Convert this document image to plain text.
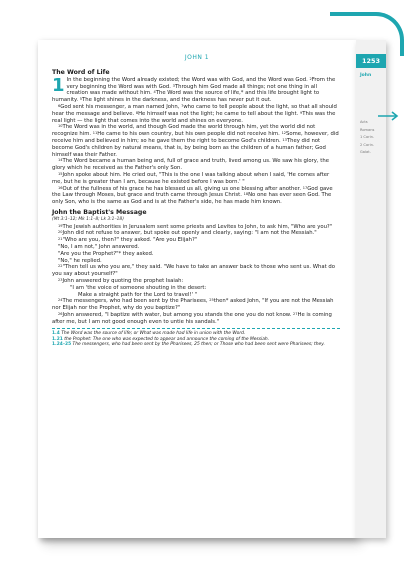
JOHN 1

The Word of Life

1 In the beginning the Word already existed; the Word was with God, and the Word was God. $^2$From the very beginning the Word was with God. $^3$Through him God made all things; not one thing in all creation was made without him. $^4$The Word was the source of life,* and this life brought light to humanity. $^5$The light shines in the darkness, and the darkness has never put it out.

$^6$God sent his messenger, a man named John, $^7$who came to tell people about the light, so that all should hear the message and believe. $^8$He himself was not the light; he came to tell about the light. $^9$This was the real light — the light that comes into the world and shines on everyone.

$^{10}$The Word was in the world, and though God made the world through him, yet the world did not recognize him. $^{11}$He came to his own country, but his own people did not receive him. $^{12}$Some, however, did receive him and believed in him; so he gave them the right to become God's children. $^{13}$They did not become God's children by natural means, that is, by being born as the children of a human father; God himself was their Father.

$^{14}$The Word became a human being and, full of grace and truth, lived among us. We saw his glory, the glory which he received as the Father's only Son.

$^{15}$John spoke about him. He cried out, "This is the one I was talking about when I said, 'He comes after me, but he is greater than I am, because he existed before I was born.' "

$^{16}$Out of the fullness of his grace he has blessed us all, giving us one blessing after another. $^{17}$God gave the Law through Moses, but grace and truth came through Jesus Christ. $^{18}$No one has ever seen God. The only Son, who is the same as God and is at the Father's side, he has made him known.

John the Baptist's Message

(Mt 3:1–12; Mk 1:1–8; Lk 3:1–18)

$^{19}$The Jewish authorities in Jerusalem sent some priests and Levites to John, to ask him, "Who are you?"

$^{20}$John did not refuse to answer, but spoke out openly and clearly, saying: "I am not the Messiah."

$^{21}$"Who are you, then?" they asked. "Are you Elijah?"

"No, I am not," John answered.

"Are you the Prophet?"* they asked.

"No," he replied.

$^{22}$"Then tell us who you are," they said. "We have to take an answer back to those who sent us. What do you say about yourself?"

$^{23}$John answered by quoting the prophet Isaiah:

"I am 'the voice of someone shouting in the desert:

Make a straight path for the Lord to travel!' "

$^{24}$The messengers, who had been sent by the Pharisees, $^{25}$then* asked John, "If you are not the Messiah nor Elijah nor the Prophet, why do you baptize?"

$^{26}$John answered, "I baptize with water, but among you stands the one you do not know. $^{27}$He is coming after me, but I am not good enough even to untie his sandals."

1.4 The Word was the source of life; or What was made had life in union with the Word.
1.21 the Prophet: The one who was expected to appear and announce the coming of the Messiah.
1.24–25 The messengers, who had been sent by the Pharisees, 25 then; or Those who had been sent were Pharisees; they.
1253
John
Acts
Romans
1 Corin.
2 Corin.
Galat.
